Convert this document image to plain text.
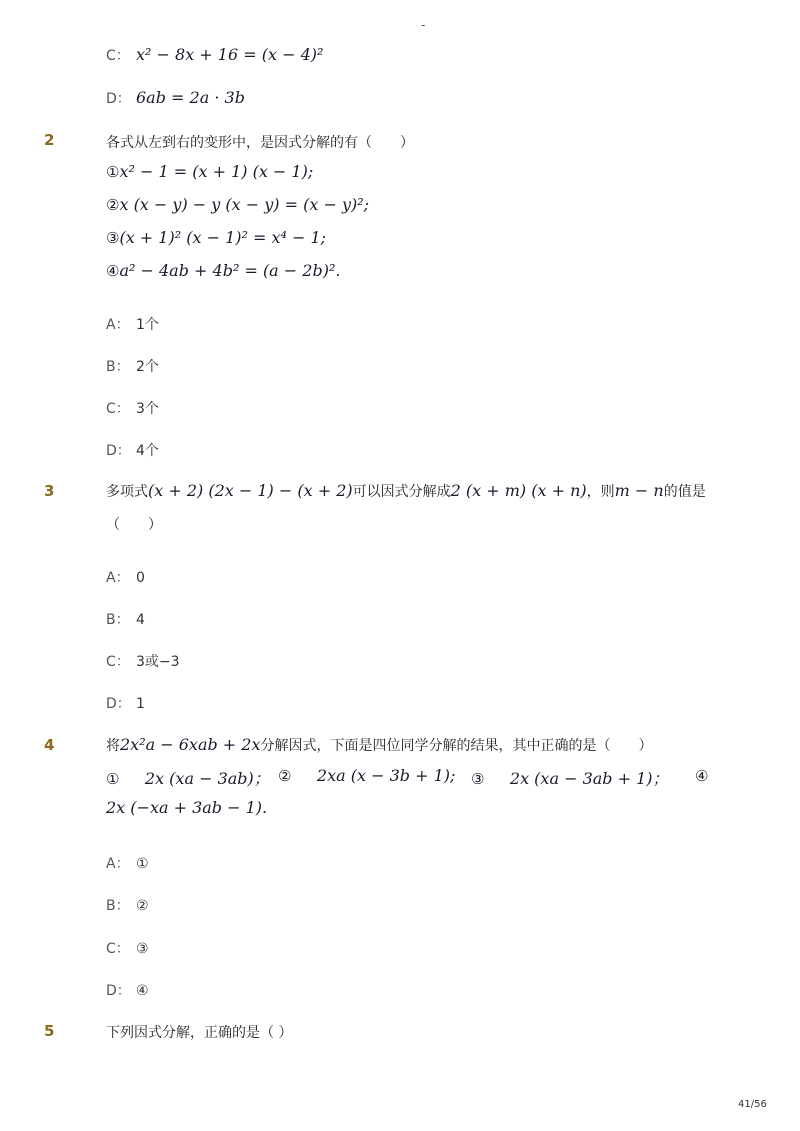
-
C： x² − 8x + 16 = (x − 4)²
D： 6ab = 2a · 3b
2	各式从左到右的变形中，是因式分解的有（　　）
①x² − 1 = (x + 1) (x − 1);
②x (x − y) − y (x − y) = (x − y)²;
③(x + 1)² (x − 1)² = x⁴ − 1;
④a² − 4ab + 4b² = (a − 2b)².
A： 1个
B： 2个
C： 3个
D： 4个
3	多项式(x + 2) (2x − 1) − (x + 2)可以因式分解成2 (x + m) (x + n)，则m − n的值是
（　　）
A： 0
B： 4
C： 3或−3
D： 1
4	将2x²a − 6xab + 2x分解因式，下面是四位同学分解的结果，其中正确的是（　　）
① 2x (xa − 3ab)； ② 2xa (x − 3b + 1); ③ 2x (xa − 3ab + 1)； ④
2x (−xa + 3ab − 1).
A： ①
B： ②
C： ③
D： ④
5	下列因式分解，正确的是（ ）
41/56
